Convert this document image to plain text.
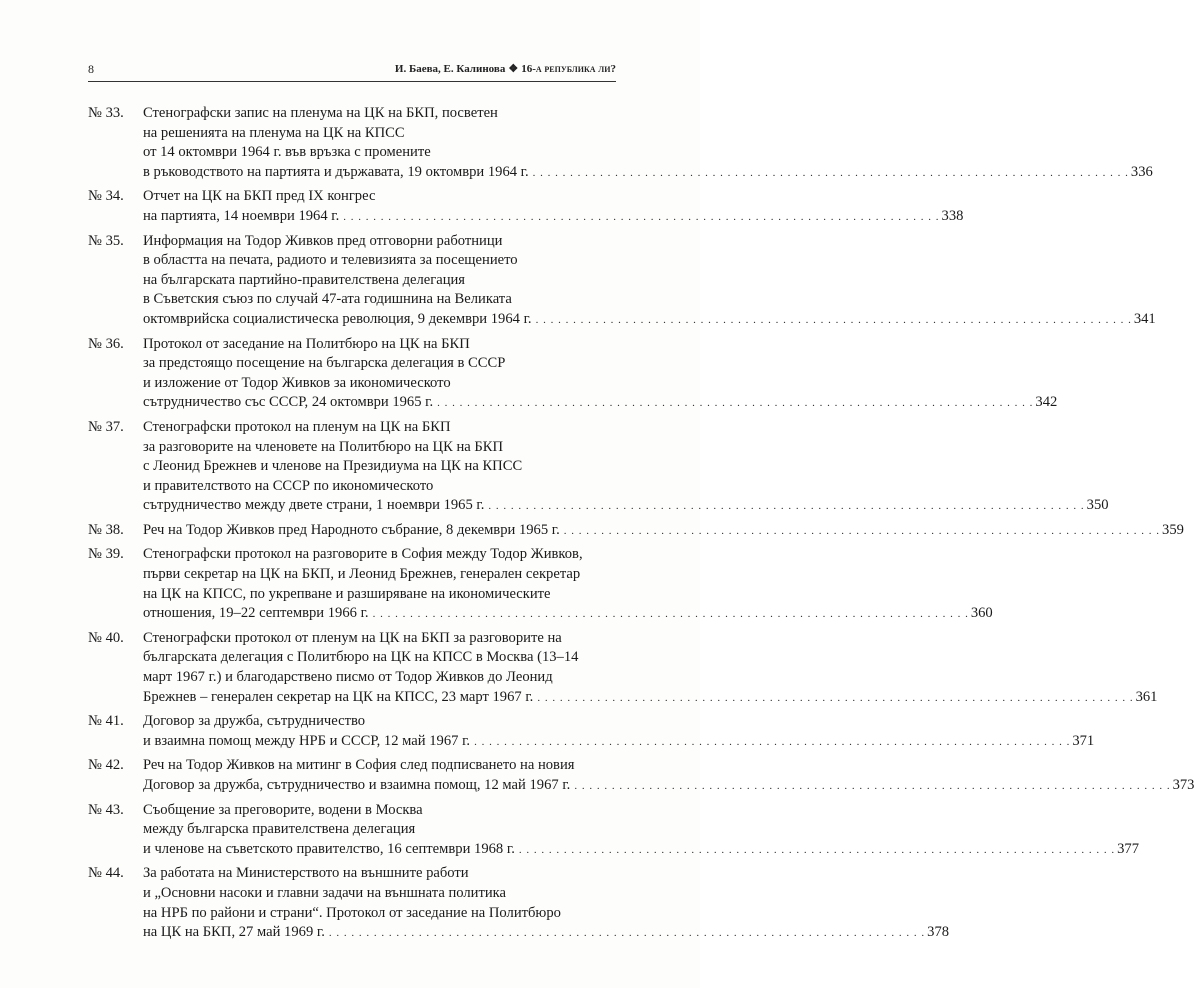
8	И. Баева, Е. Калинова ❖ 16-а република ли?
№ 33. Стенографски запис на пленума на ЦК на БКП, посветен
на решенията на пленума на ЦК на КПСС
от 14 октомври 1964 г. във връзка с промените
в ръководството на партията и държавата, 19 октомври 1964 г. . . . . . . . . . . . . . . . . . . . . . . . . . . . . . . . . . . . . . . . . . . . . . . . . . . . . . . . . . . . . . . . . . . . . . . . . . . . . . . . . 336
№ 34. Отчет на ЦК на БКП пред IX конгрес
на партията, 14 ноември 1964 г. . . . . . . . . . . . . . . . . . . . . . . . . . . . . . . . . . . . . . . . . . . . . . . . . . . . . . . . . . . . . . . . . . . . . . . . . . . . . . . . . 338
№ 35. Информация на Тодор Живков пред отговорни работници
в областта на печата, радиото и телевизията за посещението
на българската партийно-правителствена делегация
в Съветския съюз по случай 47-ата годишнина на Великата
октомврийска социалистическа революция, 9 декември 1964 г. . . . . . . . . . . . . . . . . . . . . . . . . . . . . . . . . . . . . . . . . . . . . . . . . . . . . . . . . . . . . . . . . . . . . . . . . . . . . . . . . 341
№ 36. Протокол от заседание на Политбюро на ЦК на БКП
за предстоящо посещение на българска делегация в СССР
и изложение от Тодор Живков за икономическото
сътрудничество със СССР, 24 октомври 1965 г. . . . . . . . . . . . . . . . . . . . . . . . . . . . . . . . . . . . . . . . . . . . . . . . . . . . . . . . . . . . . . . . . . . . . . . . . . . . . . . . . 342
№ 37. Стенографски протокол на пленум на ЦК на БКП
за разговорите на членовете на Политбюро на ЦК на БКП
с Леонид Брежнев и членове на Президиума на ЦК на КПСС
и правителството на СССР по икономическото
сътрудничество между двете страни, 1 ноември 1965 г. . . . . . . . . . . . . . . . . . . . . . . . . . . . . . . . . . . . . . . . . . . . . . . . . . . . . . . . . . . . . . . . . . . . . . . . . . . . . . . . . 350
№ 38. Реч на Тодор Живков пред Народното събрание, 8 декември 1965 г. . . . . . . . . . . . . . . . . . . . . . . . . . . . . . . . . . . . . . . . . . . . . . . . . . . . . . . . . . . . . . . . . . . . . . . . . . . . . . . . . 359
№ 39. Стенографски протокол на разговорите в София между Тодор Живков,
първи секретар на ЦК на БКП, и Леонид Брежнев, генерален секретар
на ЦК на КПСС, по укрепване и разширяване на икономическите
отношения, 19–22 септември 1966 г. . . . . . . . . . . . . . . . . . . . . . . . . . . . . . . . . . . . . . . . . . . . . . . . . . . . . . . . . . . . . . . . . . . . . . . . . . . . . . . . . 360
№ 40. Стенографски протокол от пленум на ЦК на БКП за разговорите на
българската делегация с Политбюро на ЦК на КПСС в Москва (13–14
март 1967 г.) и благодарствено писмо от Тодор Живков до Леонид
Брежнев – генерален секретар на ЦК на КПСС, 23 март 1967 г. . . . . . . . . . . . . . . . . . . . . . . . . . . . . . . . . . . . . . . . . . . . . . . . . . . . . . . . . . . . . . . . . . . . . . . . . . . . . . . . . 361
№ 41. Договор за дружба, сътрудничество
и взаимна помощ между НРБ и СССР, 12 май 1967 г. . . . . . . . . . . . . . . . . . . . . . . . . . . . . . . . . . . . . . . . . . . . . . . . . . . . . . . . . . . . . . . . . . . . . . . . . . . . . . . . . 371
№ 42. Реч на Тодор Живков на митинг в София след подписването на новия
Договор за дружба, сътрудничество и взаимна помощ, 12 май 1967 г. . . . . . . . . . . . . . . . . . . . . . . . . . . . . . . . . . . . . . . . . . . . . . . . . . . . . . . . . . . . . . . . . . . . . . . . . . . . . . . . . 373
№ 43. Съобщение за преговорите, водени в Москва
между българска правителствена делегация
и членове на съветското правителство, 16 септември 1968 г. . . . . . . . . . . . . . . . . . . . . . . . . . . . . . . . . . . . . . . . . . . . . . . . . . . . . . . . . . . . . . . . . . . . . . . . . . . . . . . . . 377
№ 44. За работата на Министерството на външните работи
и „Основни насоки и главни задачи на външната политика
на НРБ по райони и страни“. Протокол от заседание на Политбюро
на ЦК на БКП, 27 май 1969 г. . . . . . . . . . . . . . . . . . . . . . . . . . . . . . . . . . . . . . . . . . . . . . . . . . . . . . . . . . . . . . . . . . . . . . . . . . . . . . . . . 378
